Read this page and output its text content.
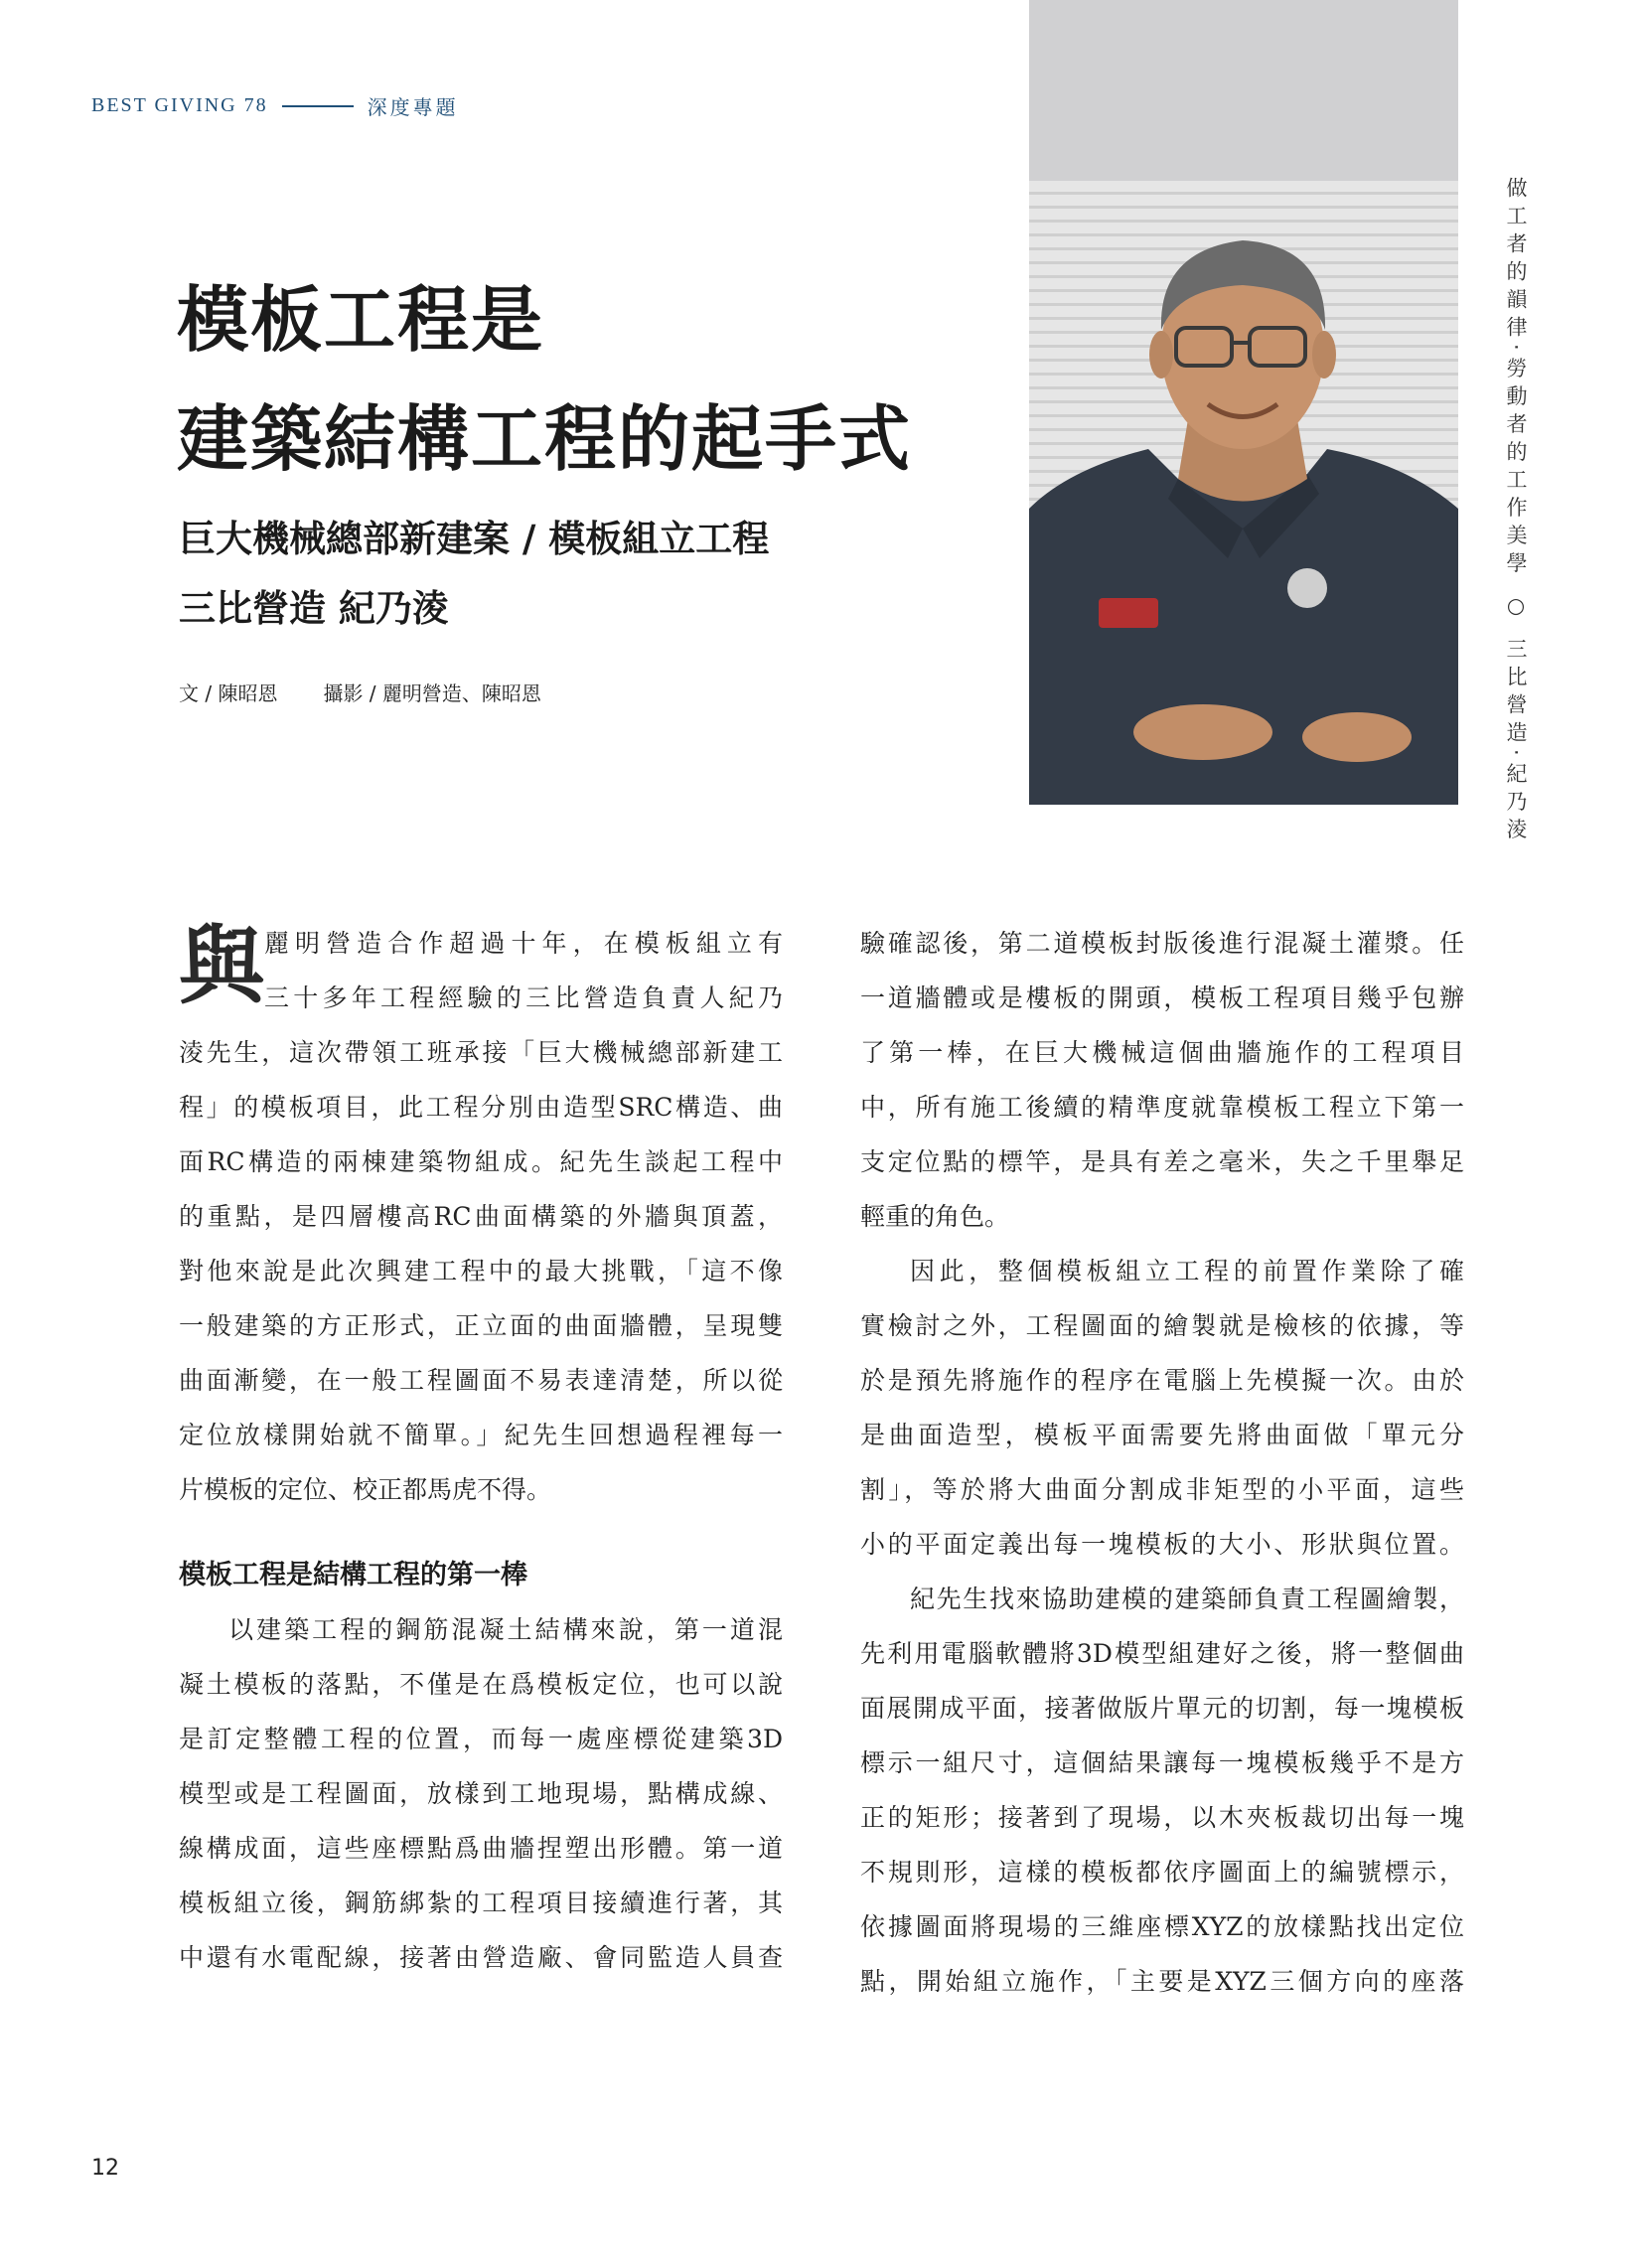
BEST GIVING 78	深度專題
做工者的韻律‧勞動者的工作美學 ○ 三比營造‧紀乃淩
模板工程是
建築結構工程的起手式
巨大機械總部新建案 / 模板組立工程
三比營造 紀乃淩
文 / 陳昭恩 攝影 / 麗明營造、陳昭恩
與 麗明營造合作超過十年，在模板組立有
三十多年工程經驗的三比營造負責人紀乃
淩先生，這次帶領工班承接「巨大機械總部新建工
程」的模板項目，此工程分別由造型SRC構造、曲
面RC構造的兩棟建築物組成。紀先生談起工程中
的重點，是四層樓高RC曲面構築的外牆與頂蓋，
對他來說是此次興建工程中的最大挑戰，「這不像
一般建築的方正形式，正立面的曲面牆體，呈現雙
曲面漸變，在一般工程圖面不易表達清楚，所以從
定位放樣開始就不簡單。」紀先生回想過程裡每一
片模板的定位、校正都馬虎不得。
模板工程是結構工程的第一棒
以建築工程的鋼筋混凝土結構來說，第一道混
凝土模板的落點，不僅是在爲模板定位，也可以說
是訂定整體工程的位置，而每一處座標從建築3D
模型或是工程圖面，放樣到工地現場，點構成線、
線構成面，這些座標點爲曲牆捏塑出形體。第一道
模板組立後，鋼筋綁紮的工程項目接續進行著，其
中還有水電配線，接著由營造廠、會同監造人員查
驗確認後，第二道模板封版後進行混凝土灌漿。任
一道牆體或是樓板的開頭，模板工程項目幾乎包辦
了第一棒，在巨大機械這個曲牆施作的工程項目
中，所有施工後續的精準度就靠模板工程立下第一
支定位點的標竿，是具有差之毫米，失之千里舉足
輕重的角色。
因此，整個模板組立工程的前置作業除了確
實檢討之外，工程圖面的繪製就是檢核的依據，等
於是預先將施作的程序在電腦上先模擬一次。由於
是曲面造型，模板平面需要先將曲面做「單元分
割」，等於將大曲面分割成非矩型的小平面，這些
小的平面定義出每一塊模板的大小、形狀與位置。
紀先生找來協助建模的建築師負責工程圖繪製，
先利用電腦軟體將3D模型組建好之後，將一整個曲
面展開成平面，接著做版片單元的切割，每一塊模板
標示一組尺寸，這個結果讓每一塊模板幾乎不是方
正的矩形；接著到了現場，以木夾板裁切出每一塊
不規則形，這樣的模板都依序圖面上的編號標示，
依據圖面將現場的三維座標XYZ的放樣點找出定位
點，開始組立施作，「主要是XYZ三個方向的座落
12
